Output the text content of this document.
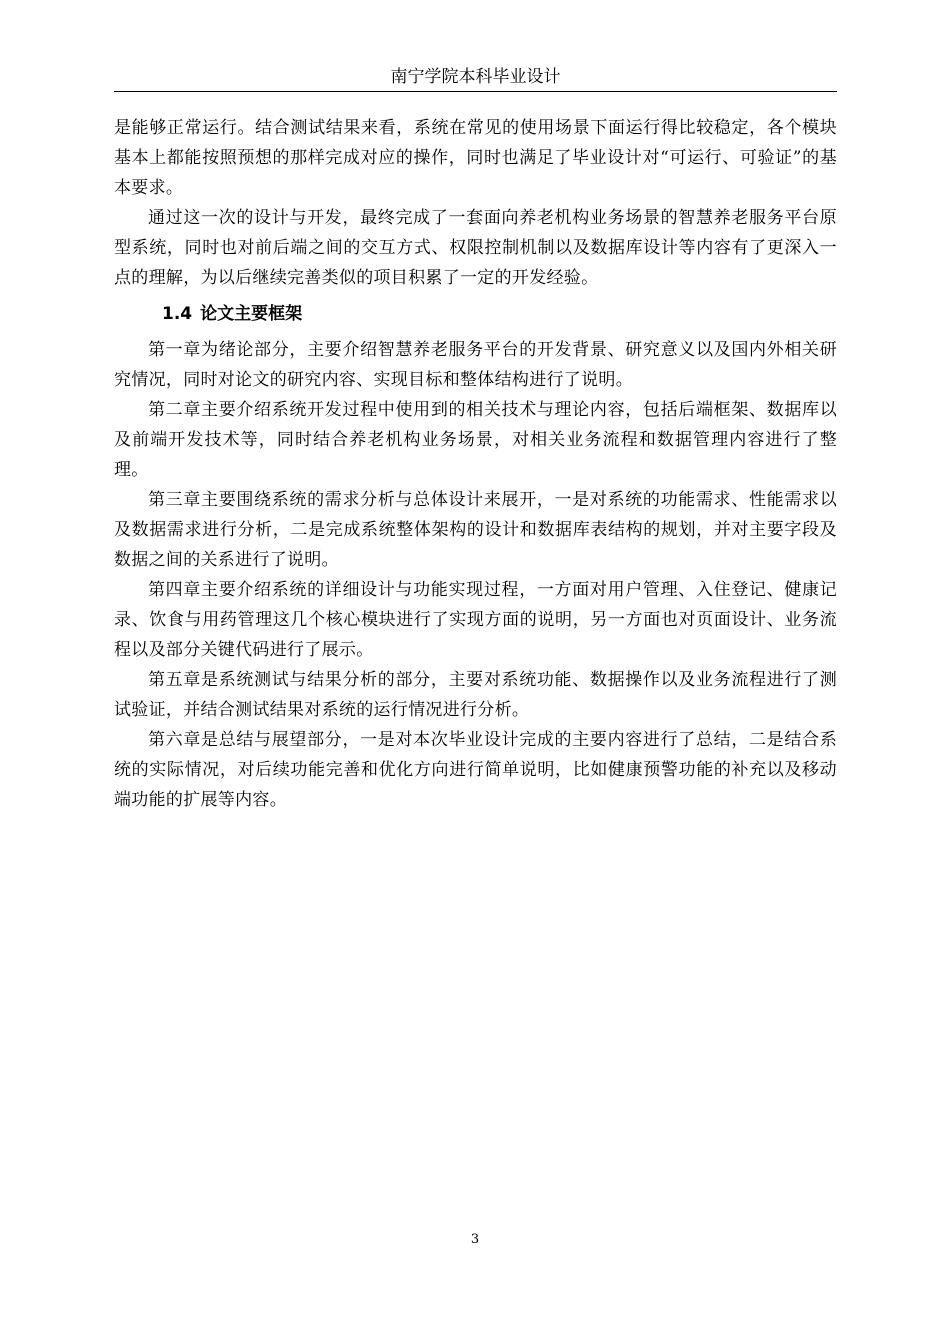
南宁学院本科毕业设计

是能够正常运行。结合测试结果来看，系统在常见的使用场景下面运行得比较稳定，各个模块基本上都能按照预想的那样完成对应的操作，同时也满足了毕业设计对“可运行、可验证”的基本要求。

通过这一次的设计与开发，最终完成了一套面向养老机构业务场景的智慧养老服务平台原型系统，同时也对前后端之间的交互方式、权限控制机制以及数据库设计等内容有了更深入一点的理解，为以后继续完善类似的项目积累了一定的开发经验。

1.4 论文主要框架

第一章为绪论部分，主要介绍智慧养老服务平台的开发背景、研究意义以及国内外相关研究情况，同时对论文的研究内容、实现目标和整体结构进行了说明。

第二章主要介绍系统开发过程中使用到的相关技术与理论内容，包括后端框架、数据库以及前端开发技术等，同时结合养老机构业务场景，对相关业务流程和数据管理内容进行了整理。

第三章主要围绕系统的需求分析与总体设计来展开，一是对系统的功能需求、性能需求以及数据需求进行分析，二是完成系统整体架构的设计和数据库表结构的规划，并对主要字段及数据之间的关系进行了说明。

第四章主要介绍系统的详细设计与功能实现过程，一方面对用户管理、入住登记、健康记录、饮食与用药管理这几个核心模块进行了实现方面的说明，另一方面也对页面设计、业务流程以及部分关键代码进行了展示。

第五章是系统测试与结果分析的部分，主要对系统功能、数据操作以及业务流程进行了测试验证，并结合测试结果对系统的运行情况进行分析。

第六章是总结与展望部分，一是对本次毕业设计完成的主要内容进行了总结，二是结合系统的实际情况，对后续功能完善和优化方向进行简单说明，比如健康预警功能的补充以及移动端功能的扩展等内容。

3
